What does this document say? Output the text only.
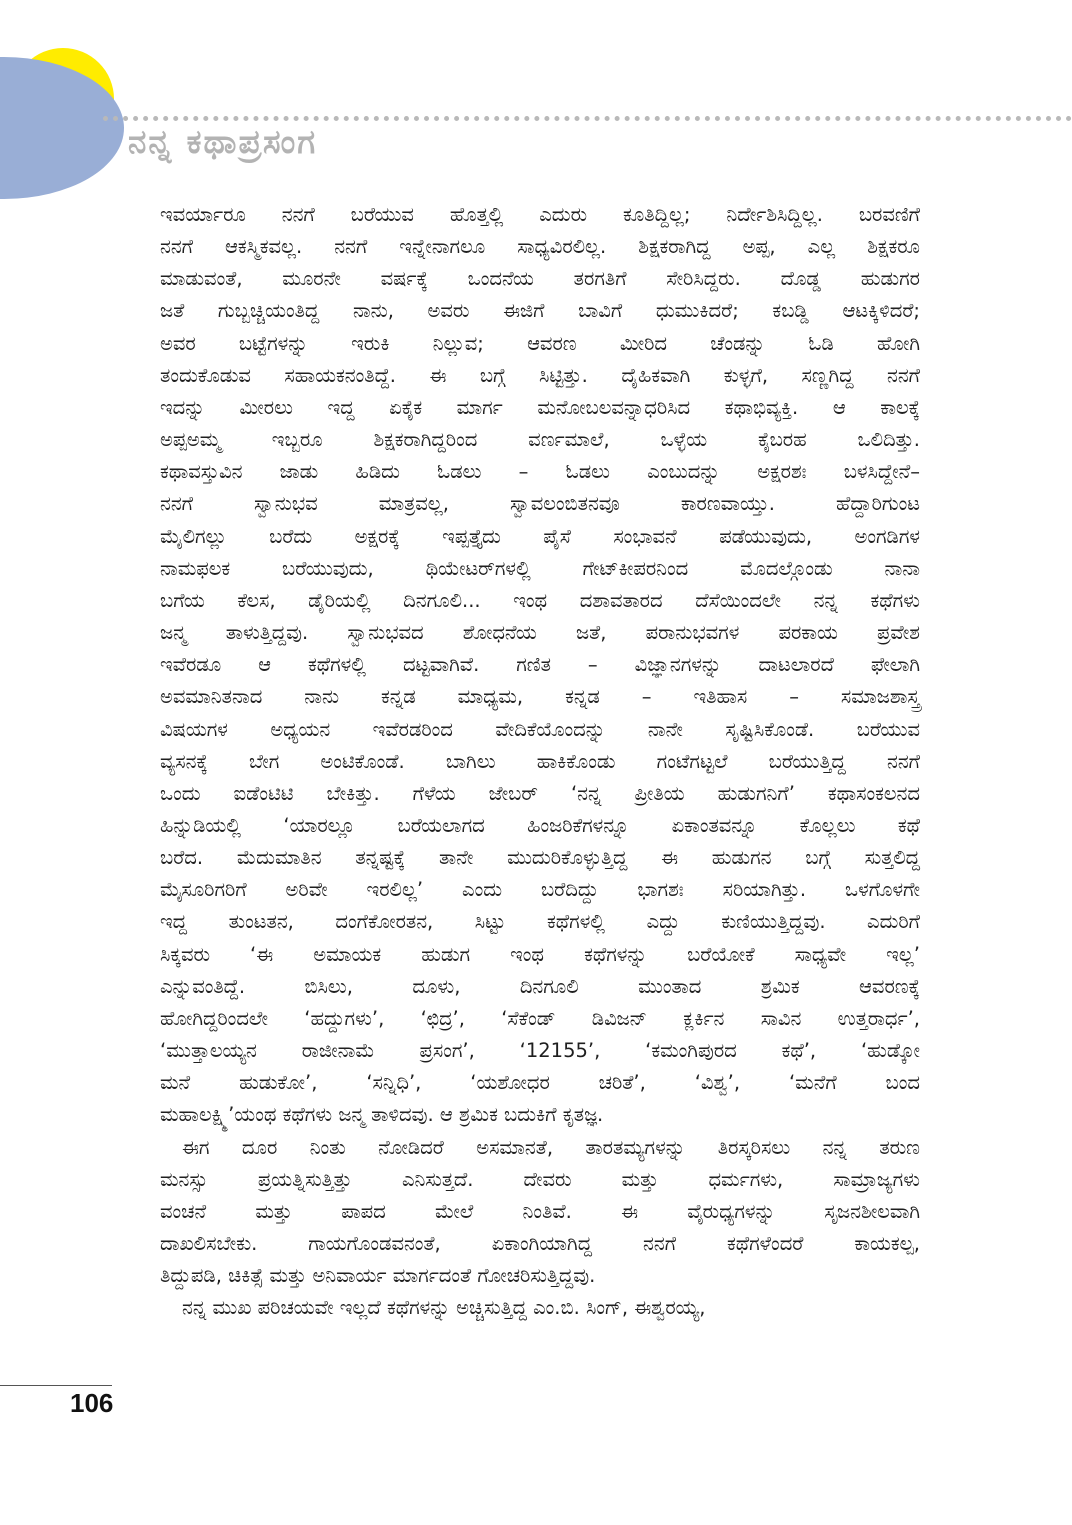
ನನ್ನ ಕಥಾಪ್ರಸಂಗ

ಇವರ್ಯಾರೂ ನನಗೆ ಬರೆಯುವ ಹೊತ್ತಲ್ಲಿ ಎದುರು ಕೂತಿದ್ದಿಲ್ಲ; ನಿರ್ದೇಶಿಸಿದ್ದಿಲ್ಲ. ಬರವಣಿಗೆ

ನನಗೆ ಆಕಸ್ಮಿಕವಲ್ಲ. ನನಗೆ ಇನ್ನೇನಾಗಲೂ ಸಾಧ್ಯವಿರಲಿಲ್ಲ. ಶಿಕ್ಷಕರಾಗಿದ್ದ ಅಪ್ಪ, ಎಲ್ಲ ಶಿಕ್ಷಕರೂ

ಮಾಡುವಂತೆ, ಮೂರನೇ ವರ್ಷಕ್ಕೆ ಒಂದನೆಯ ತರಗತಿಗೆ ಸೇರಿಸಿದ್ದರು. ದೊಡ್ಡ ಹುಡುಗರ

ಜತೆ ಗುಬ್ಬಚ್ಚಿಯಂತಿದ್ದ ನಾನು, ಅವರು ಈಜಿಗೆ ಬಾವಿಗೆ ಧುಮುಕಿದರೆ; ಕಬಡ್ಡಿ ಆಟಕ್ಕಿಳಿದರೆ;

ಅವರ ಬಟ್ಟೆಗಳನ್ನು ಇರುಕಿ ನಿಲ್ಲುವ; ಆವರಣ ಮೀರಿದ ಚೆಂಡನ್ನು ಓಡಿ ಹೋಗಿ

ತಂದುಕೊಡುವ ಸಹಾಯಕನಂತಿದ್ದೆ. ಈ ಬಗ್ಗೆ ಸಿಟ್ಟಿತ್ತು. ದೈಹಿಕವಾಗಿ ಕುಳ್ಳಗೆ, ಸಣ್ಣಗಿದ್ದ ನನಗೆ

ಇದನ್ನು ಮೀರಲು ಇದ್ದ ಏಕೈಕ ಮಾರ್ಗ ಮನೋಬಲವನ್ನಾಧರಿಸಿದ ಕಥಾಭಿವ್ಯಕ್ತಿ. ಆ ಕಾಲಕ್ಕೆ

ಅಪ್ಪಅಮ್ಮ ಇಬ್ಬರೂ ಶಿಕ್ಷಕರಾಗಿದ್ದರಿಂದ ವರ್ಣಮಾಲೆ, ಒಳ್ಳೆಯ ಕೈಬರಹ ಒಲಿದಿತ್ತು.

ಕಥಾವಸ್ತುವಿನ ಜಾಡು ಹಿಡಿದು ಓಡಲು – ಓಡಲು ಎಂಬುದನ್ನು ಅಕ್ಷರಶಃ ಬಳಸಿದ್ದೇನೆ–

ನನಗೆ ಸ್ವಾನುಭವ ಮಾತ್ರವಲ್ಲ, ಸ್ವಾವಲಂಬಿತನವೂ ಕಾರಣವಾಯ್ತು. ಹೆದ್ದಾರಿಗುಂಟ

ಮೈಲಿಗಲ್ಲು ಬರೆದು ಅಕ್ಷರಕ್ಕೆ ಇಪ್ಪತ್ತೈದು ಪೈಸೆ ಸಂಭಾವನೆ ಪಡೆಯುವುದು, ಅಂಗಡಿಗಳ

ನಾಮಫಲಕ ಬರೆಯುವುದು, ಥಿಯೇಟರ್‌ಗಳಲ್ಲಿ ಗೇಟ್‌ಕೀಪರನಿಂದ ಮೊದಲ್ಗೊಂಡು ನಾನಾ

ಬಗೆಯ ಕೆಲಸ, ಡೈರಿಯಲ್ಲಿ ದಿನಗೂಲಿ... ಇಂಥ ದಶಾವತಾರದ ದೆಸೆಯಿಂದಲೇ ನನ್ನ ಕಥೆಗಳು

ಜನ್ಮ ತಾಳುತ್ತಿದ್ದವು. ಸ್ವಾನುಭವದ ಶೋಧನೆಯ ಜತೆ, ಪರಾನುಭವಗಳ ಪರಕಾಯ ಪ್ರವೇಶ

ಇವೆರಡೂ ಆ ಕಥೆಗಳಲ್ಲಿ ದಟ್ಟವಾಗಿವೆ. ಗಣಿತ – ವಿಜ್ಞಾನಗಳನ್ನು ದಾಟಲಾರದೆ ಫೇಲಾಗಿ

ಅವಮಾನಿತನಾದ ನಾನು ಕನ್ನಡ ಮಾಧ್ಯಮ, ಕನ್ನಡ – ಇತಿಹಾಸ – ಸಮಾಜಶಾಸ್ತ್ರ

ವಿಷಯಗಳ ಅಧ್ಯಯನ ಇವೆರಡರಿಂದ ವೇದಿಕೆಯೊಂದನ್ನು ನಾನೇ ಸೃಷ್ಟಿಸಿಕೊಂಡೆ. ಬರೆಯುವ

ವ್ಯಸನಕ್ಕೆ ಬೇಗ ಅಂಟಿಕೊಂಡೆ. ಬಾಗಿಲು ಹಾಕಿಕೊಂಡು ಗಂಟೆಗಟ್ಟಲೆ ಬರೆಯುತ್ತಿದ್ದ ನನಗೆ

ಒಂದು ಐಡೆಂಟಿಟಿ ಬೇಕಿತ್ತು. ಗೆಳೆಯ ಜೇಬರ್ ‘ನನ್ನ ಪ್ರೀತಿಯ ಹುಡುಗನಿಗೆ’ ಕಥಾಸಂಕಲನದ

ಹಿನ್ನುಡಿಯಲ್ಲಿ ‘ಯಾರಲ್ಲೂ ಬರೆಯಲಾಗದ ಹಿಂಜರಿಕೆಗಳನ್ನೂ ಏಕಾಂತವನ್ನೂ ಕೊಲ್ಲಲು ಕಥೆ

ಬರೆದ. ಮೆದುಮಾತಿನ ತನ್ನಷ್ಟಕ್ಕೆ ತಾನೇ ಮುದುರಿಕೊಳ್ಳುತ್ತಿದ್ದ ಈ ಹುಡುಗನ ಬಗ್ಗೆ ಸುತ್ತಲಿದ್ದ

ಮೈಸೂರಿಗರಿಗೆ ಅರಿವೇ ಇರಲಿಲ್ಲ’ ಎಂದು ಬರೆದಿದ್ದು ಭಾಗಶಃ ಸರಿಯಾಗಿತ್ತು. ಒಳಗೊಳಗೇ

ಇದ್ದ ತುಂಟತನ, ದಂಗೆಕೋರತನ, ಸಿಟ್ಟು ಕಥೆಗಳಲ್ಲಿ ಎದ್ದು ಕುಣಿಯುತ್ತಿದ್ದವು. ಎದುರಿಗೆ

ಸಿಕ್ಕವರು ‘ಈ ಅಮಾಯಕ ಹುಡುಗ ಇಂಥ ಕಥೆಗಳನ್ನು ಬರೆಯೋಕೆ ಸಾಧ್ಯವೇ ಇಲ್ಲ’

ಎನ್ನುವಂತಿದ್ದೆ. ಬಿಸಿಲು, ದೂಳು, ದಿನಗೂಲಿ ಮುಂತಾದ ಶ್ರಮಿಕ ಆವರಣಕ್ಕೆ

ಹೋಗಿದ್ದರಿಂದಲೇ ‘ಹದ್ದುಗಳು’, ‘ಛಿದ್ರ’, ‘ಸೆಕೆಂಡ್ ಡಿವಿಜನ್ ಕ್ಲರ್ಕಿನ ಸಾವಿನ ಉತ್ತರಾರ್ಧ’,

‘ಮುತ್ತಾಲಯ್ಯನ ರಾಜೀನಾಮೆ ಪ್ರಸಂಗ’, ‘12155’, ‘ಕಮಂಗಿಪುರದ ಕಥೆ’, ‘ಹುಡ್ಕೋ

ಮನೆ ಹುಡುಕೋ’, ‘ಸನ್ನಿಧಿ’, ‘ಯಶೋಧರ ಚರಿತೆ’, ‘ವಿಶ್ವ’, ‘ಮನೆಗೆ ಬಂದ

ಮಹಾಲಕ್ಷ್ಮಿ’ಯಂಥ ಕಥೆಗಳು ಜನ್ಮ ತಾಳಿದವು. ಆ ಶ್ರಮಿಕ ಬದುಕಿಗೆ ಕೃತಜ್ಞ.

ಈಗ ದೂರ ನಿಂತು ನೋಡಿದರೆ ಅಸಮಾನತೆ, ತಾರತಮ್ಯಗಳನ್ನು ತಿರಸ್ಕರಿಸಲು ನನ್ನ ತರುಣ

ಮನಸ್ಸು ಪ್ರಯತ್ನಿಸುತ್ತಿತ್ತು ಎನಿಸುತ್ತದೆ. ದೇವರು ಮತ್ತು ಧರ್ಮಗಳು, ಸಾಮ್ರಾಜ್ಯಗಳು

ವಂಚನೆ ಮತ್ತು ಪಾಪದ ಮೇಲೆ ನಿಂತಿವೆ. ಈ ವೈರುಧ್ಯಗಳನ್ನು ಸೃಜನಶೀಲವಾಗಿ

ದಾಖಲಿಸಬೇಕು. ಗಾಯಗೊಂಡವನಂತೆ, ಏಕಾಂಗಿಯಾಗಿದ್ದ ನನಗೆ ಕಥೆಗಳೆಂದರೆ ಕಾಯಕಲ್ಪ,

ತಿದ್ದುಪಡಿ, ಚಿಕಿತ್ಸೆ ಮತ್ತು ಅನಿವಾರ್ಯ ಮಾರ್ಗದಂತೆ ಗೋಚರಿಸುತ್ತಿದ್ದವು.

ನನ್ನ ಮುಖ ಪರಿಚಯವೇ ಇಲ್ಲದೆ ಕಥೆಗಳನ್ನು ಅಚ್ಚಿಸುತ್ತಿದ್ದ ಎಂ.ಬಿ. ಸಿಂಗ್, ಈಶ್ವರಯ್ಯ,

106
